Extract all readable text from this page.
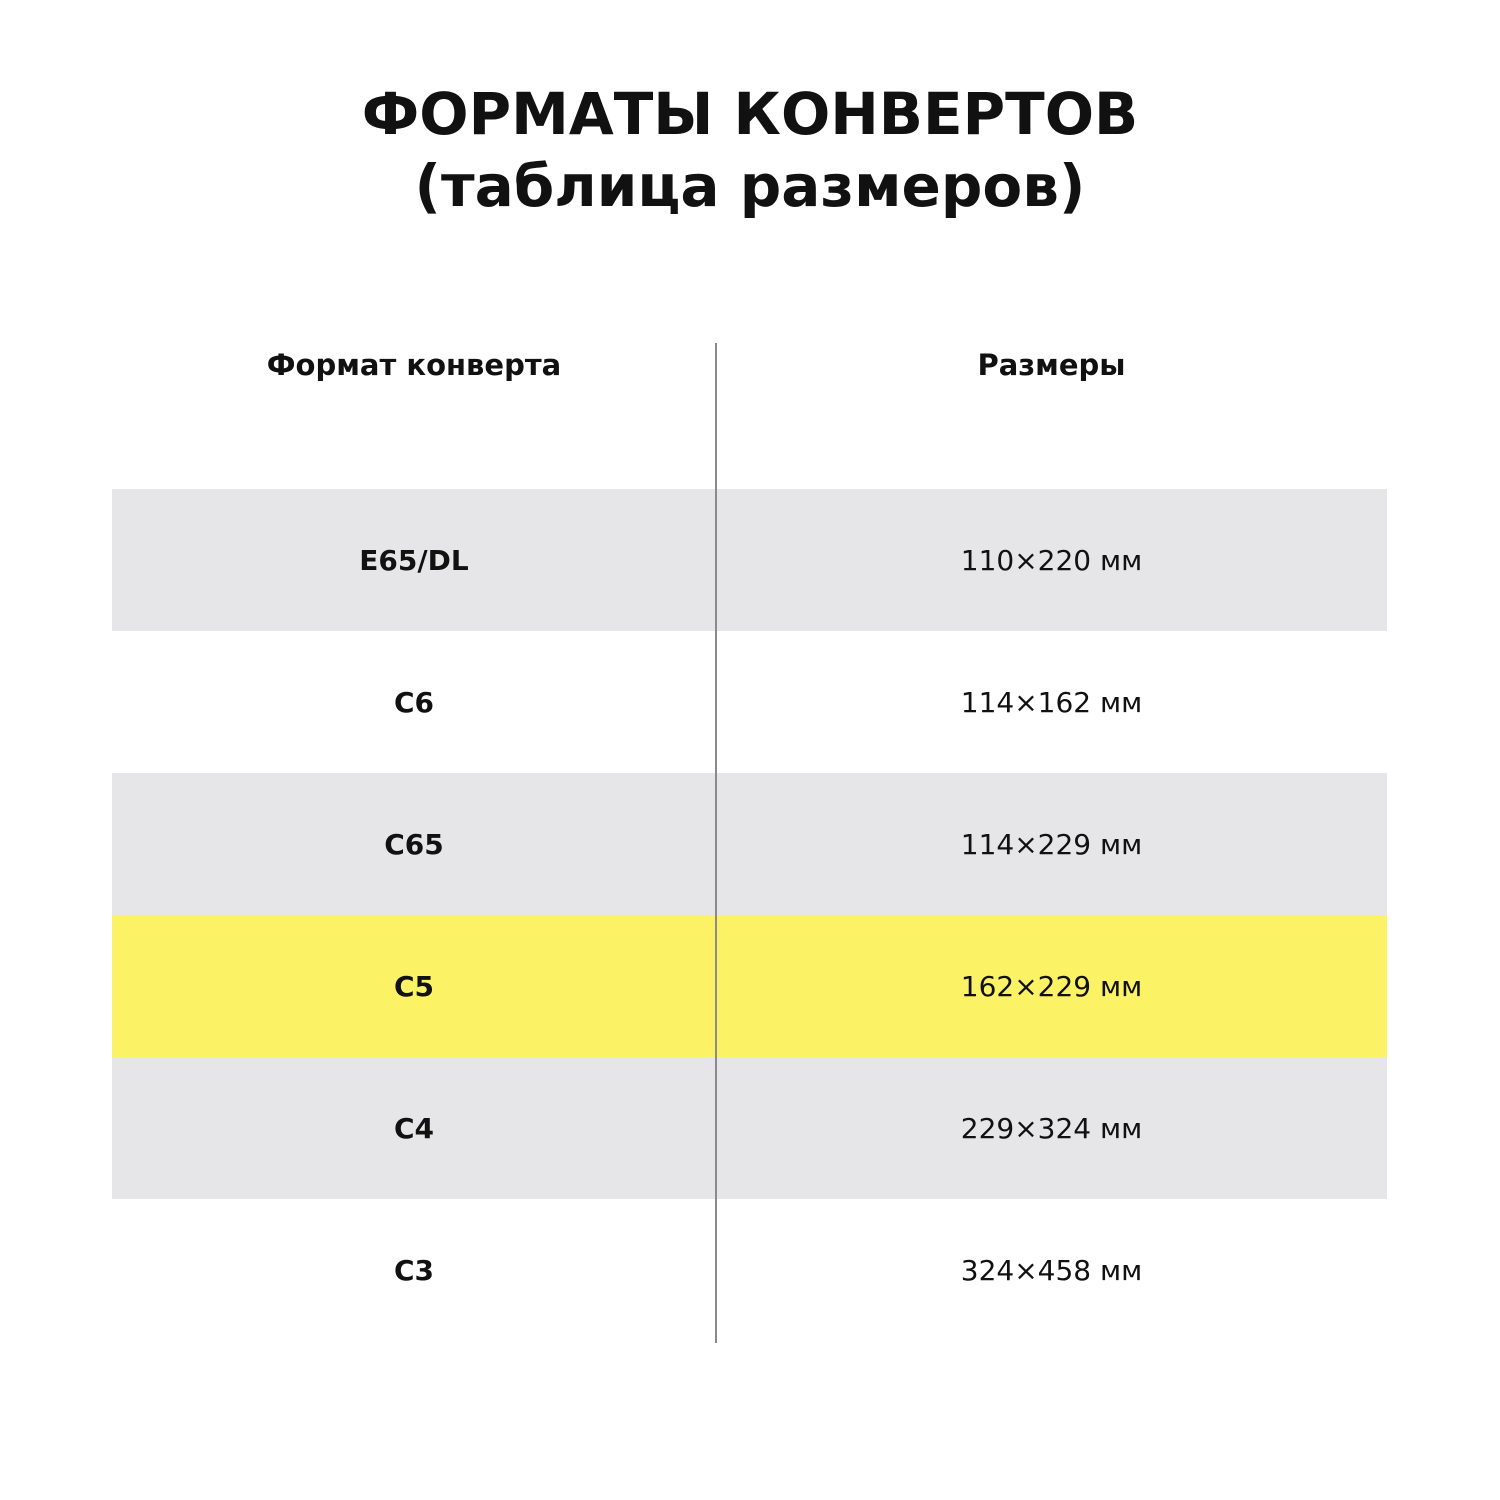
ФОРМАТЫ КОНВЕРТОВ
(таблица размеров)
Формат конверта	Размеры
E65/DL	110×220 мм
C6	114×162 мм
C65	114×229 мм
C5	162×229 мм
C4	229×324 мм
C3	324×458 мм
